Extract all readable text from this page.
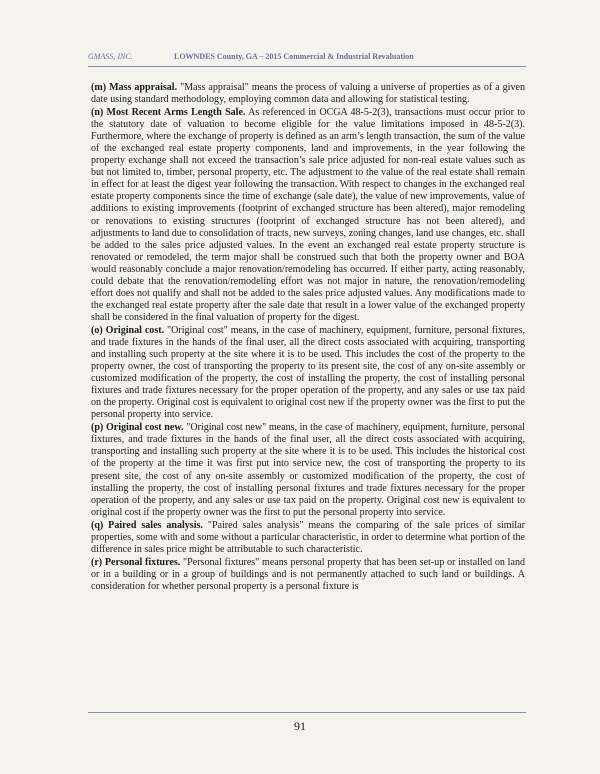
GMASS, INC.	LOWNDES County, GA – 2015 Commercial & Industrial Revaluation

(m) Mass appraisal. "Mass appraisal" means the process of valuing a universe of properties as of a given date using standard methodology, employing common data and allowing for statistical testing.

(n) Most Recent Arms Length Sale. As referenced in OCGA 48-5-2(3), transactions must occur prior to the statutory date of valuation to become eligible for the value limitations imposed in 48-5-2(3). Furthermore, where the exchange of property is defined as an arm’s length transaction, the sum of the value of the exchanged real estate property components, land and improvements, in the year following the property exchange shall not exceed the transaction’s sale price adjusted for non-real estate values such as but not limited to, timber, personal property, etc. The adjustment to the value of the real estate shall remain in effect for at least the digest year following the transaction. With respect to changes in the exchanged real estate property components since the time of exchange (sale date), the value of new improvements, value of additions to existing improvements (footprint of exchanged structure has been altered), major remodeling or renovations to existing structures (footprint of exchanged structure has not been altered), and adjustments to land due to consolidation of tracts, new surveys, zoning changes, land use changes, etc. shall be added to the sales price adjusted values. In the event an exchanged real estate property structure is renovated or remodeled, the term major shall be construed such that both the property owner and BOA would reasonably conclude a major renovation/remodeling has occurred. If either party, acting reasonably, could debate that the renovation/remodeling effort was not major in nature, the renovation/remodeling effort does not qualify and shall not be added to the sales price adjusted values. Any modifications made to the exchanged real estate property after the sale date that result in a lower value of the exchanged property shall be considered in the final valuation of property for the digest.

(o) Original cost. "Original cost" means, in the case of machinery, equipment, furniture, personal fixtures, and trade fixtures in the hands of the final user, all the direct costs associated with acquiring, transporting and installing such property at the site where it is to be used. This includes the cost of the property to the property owner, the cost of transporting the property to its present site, the cost of any on-site assembly or customized modification of the property, the cost of installing the property, the cost of installing personal fixtures and trade fixtures necessary for the proper operation of the property, and any sales or use tax paid on the property. Original cost is equivalent to original cost new if the property owner was the first to put the personal property into service.

(p) Original cost new. "Original cost new" means, in the case of machinery, equipment, furniture, personal fixtures, and trade fixtures in the hands of the final user, all the direct costs associated with acquiring, transporting and installing such property at the site where it is to be used. This includes the historical cost of the property at the time it was first put into service new, the cost of transporting the property to its present site, the cost of any on-site assembly or customized modification of the property, the cost of installing the property, the cost of installing personal fixtures and trade fixtures necessary for the proper operation of the property, and any sales or use tax paid on the property. Original cost new is equivalent to original cost if the property owner was the first to put the personal property into service.

(q) Paired sales analysis. "Paired sales analysis" means the comparing of the sale prices of similar properties, some with and some without a particular characteristic, in order to determine what portion of the difference in sales price might be attributable to such characteristic.

(r) Personal fixtures. "Personal fixtures" means personal property that has been set-up or installed on land or in a building or in a group of buildings and is not permanently attached to such land or buildings. A consideration for whether personal property is a personal fixture is

91
